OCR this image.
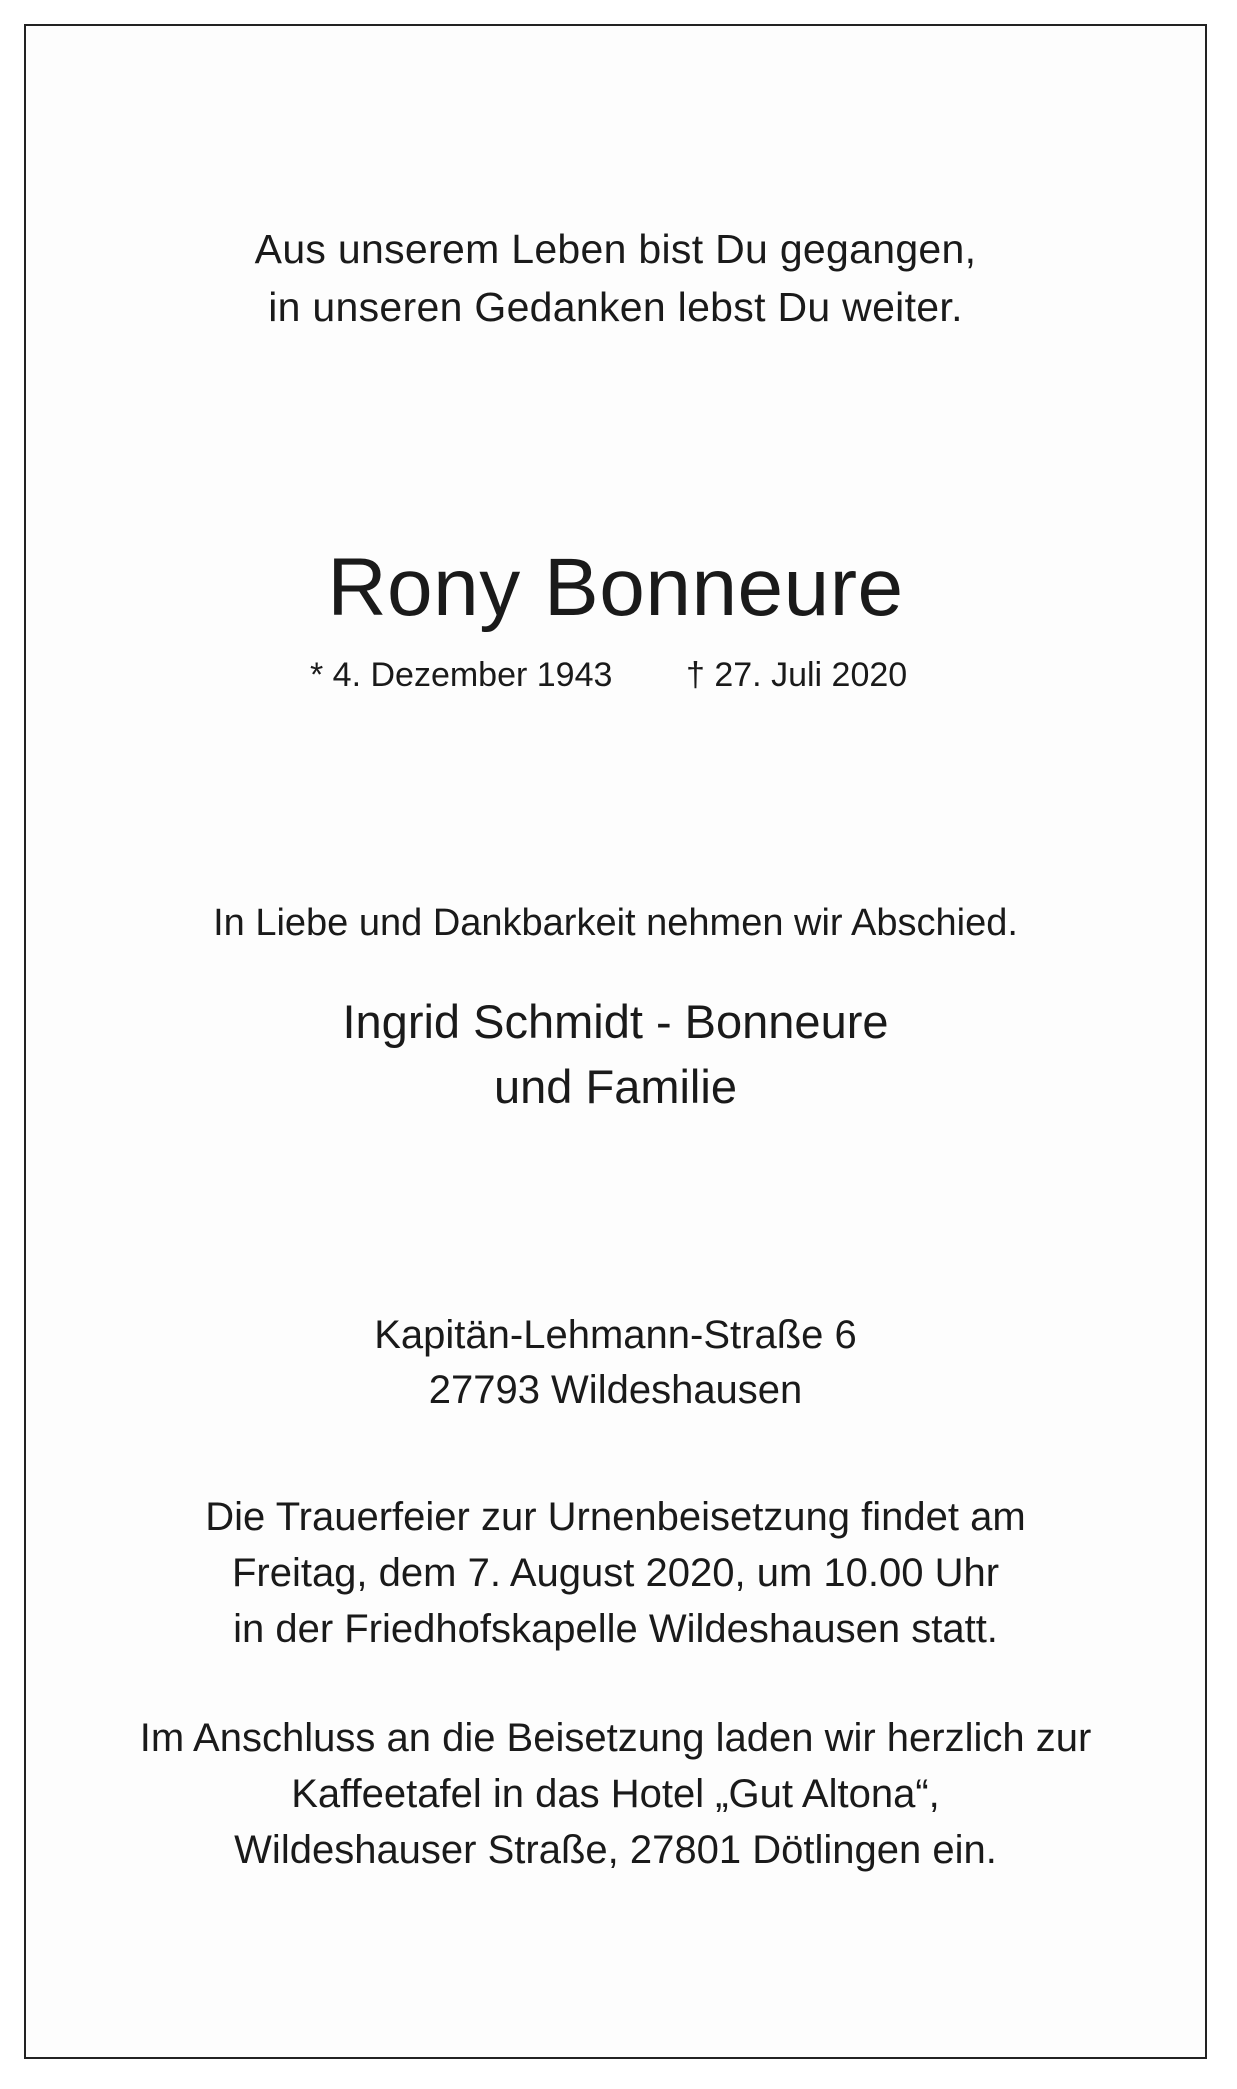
Aus unserem Leben bist Du gegangen,
in unseren Gedanken lebst Du weiter.
Rony Bonneure
* 4. Dezember 1943 † 27. Juli 2020
In Liebe und Dankbarkeit nehmen wir Abschied.
Ingrid Schmidt - Bonneure
und Familie
Kapitän-Lehmann-Straße 6
27793 Wildeshausen
Die Trauerfeier zur Urnenbeisetzung findet am
Freitag, dem 7. August 2020, um 10.00 Uhr
in der Friedhofskapelle Wildeshausen statt.
Im Anschluss an die Beisetzung laden wir herzlich zur
Kaffeetafel in das Hotel „Gut Altona“,
Wildeshauser Straße, 27801 Dötlingen ein.
